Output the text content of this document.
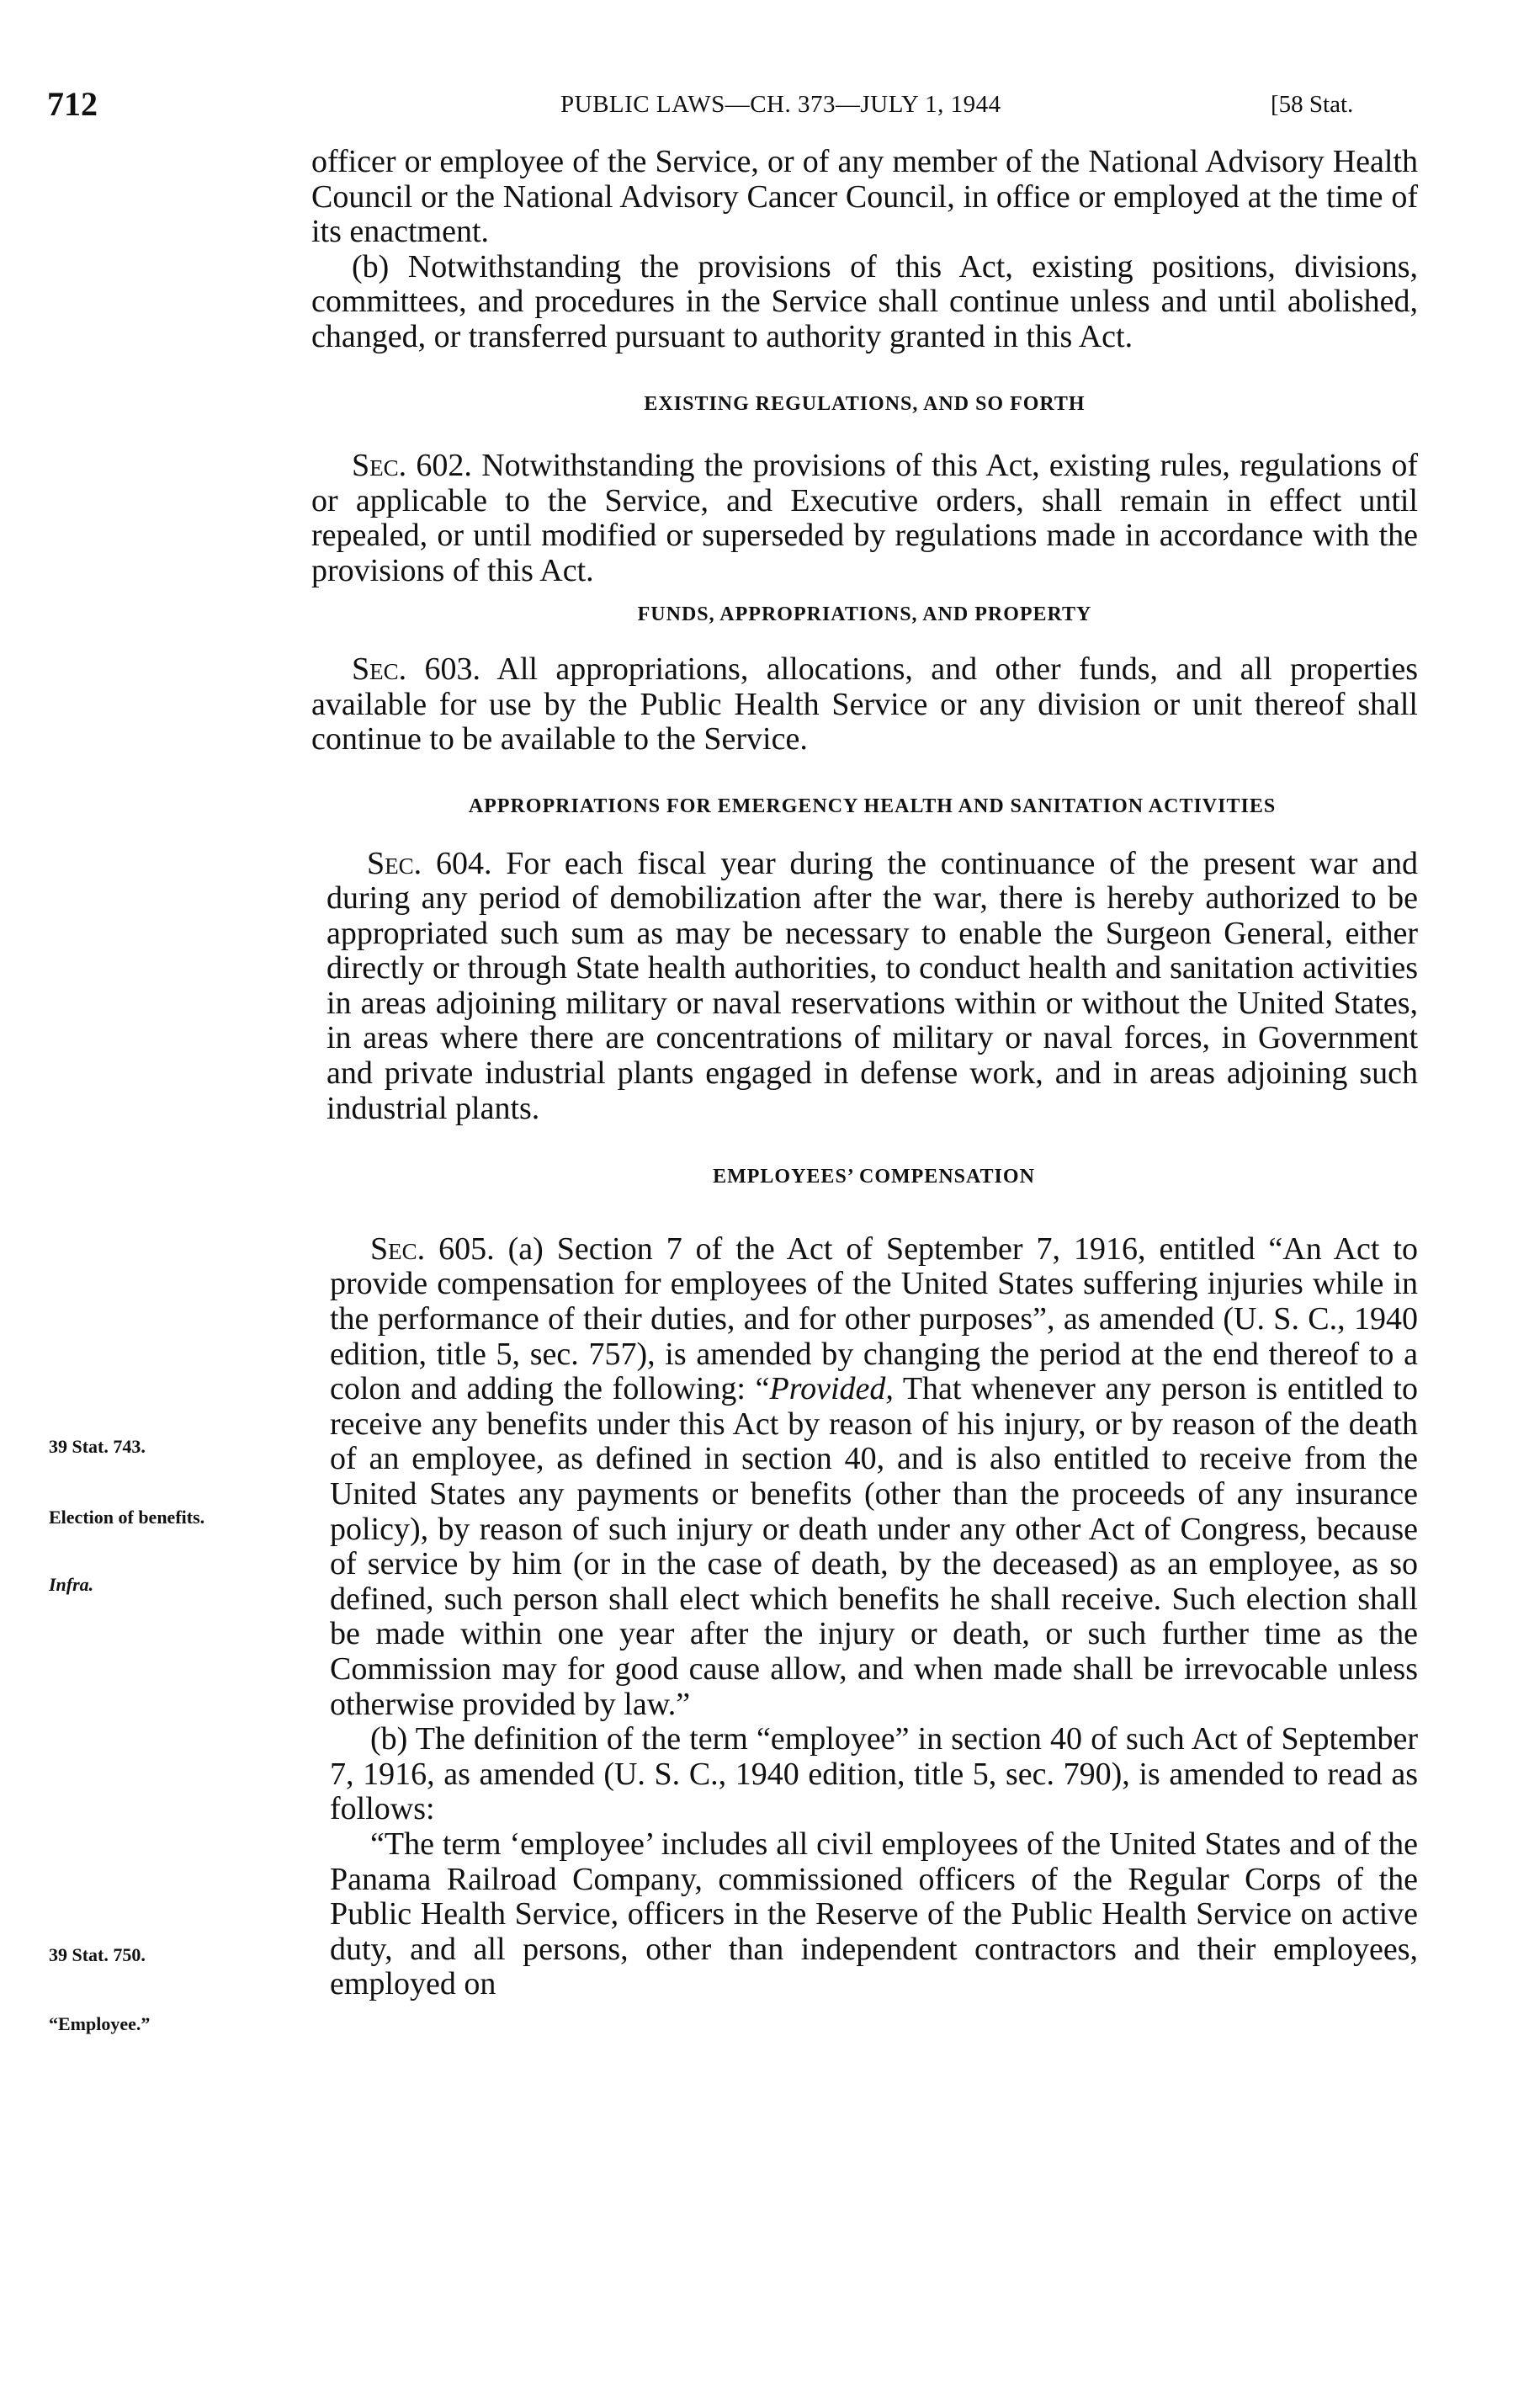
712	PUBLIC LAWS—CH. 373—JULY 1, 1944	[58 Stat.
39 Stat. 743.
Election of benefits.
Infra.
39 Stat. 750.
“Employee.”

officer or employee of the Service, or of any member of the National Advisory Health Council or the National Advisory Cancer Council, in office or employed at the time of its enactment.

(b) Notwithstanding the provisions of this Act, existing positions, divisions, committees, and procedures in the Service shall continue unless and until abolished, changed, or transferred pursuant to authority granted in this Act.

EXISTING REGULATIONS, AND SO FORTH

Sec. 602. Notwithstanding the provisions of this Act, existing rules, regulations of or applicable to the Service, and Executive orders, shall remain in effect until repealed, or until modified or superseded by regulations made in accordance with the provisions of this Act.

FUNDS, APPROPRIATIONS, AND PROPERTY

Sec. 603. All appropriations, allocations, and other funds, and all properties available for use by the Public Health Service or any division or unit thereof shall continue to be available to the Service.

APPROPRIATIONS FOR EMERGENCY HEALTH AND SANITATION ACTIVITIES

Sec. 604. For each fiscal year during the continuance of the present war and during any period of demobilization after the war, there is hereby authorized to be appropriated such sum as may be necessary to enable the Surgeon General, either directly or through State health authorities, to conduct health and sanitation activities in areas adjoining military or naval reservations within or without the United States, in areas where there are concentrations of military or naval forces, in Government and private industrial plants engaged in defense work, and in areas adjoining such industrial plants.

EMPLOYEES’ COMPENSATION

Sec. 605. (a) Section 7 of the Act of September 7, 1916, entitled “An Act to provide compensation for employees of the United States suffering injuries while in the performance of their duties, and for other purposes”, as amended (U. S. C., 1940 edition, title 5, sec. 757), is amended by changing the period at the end thereof to a colon and adding the following: “Provided, That whenever any person is entitled to receive any benefits under this Act by reason of his injury, or by reason of the death of an employee, as defined in section 40, and is also entitled to receive from the United States any payments or benefits (other than the proceeds of any insurance policy), by reason of such injury or death under any other Act of Congress, because of service by him (or in the case of death, by the deceased) as an employee, as so defined, such person shall elect which benefits he shall receive. Such election shall be made within one year after the injury or death, or such further time as the Commission may for good cause allow, and when made shall be irrevocable unless otherwise provided by law.”

(b) The definition of the term “employee” in section 40 of such Act of September 7, 1916, as amended (U. S. C., 1940 edition, title 5, sec. 790), is amended to read as follows:

“The term ‘employee’ includes all civil employees of the United States and of the Panama Railroad Company, commissioned officers of the Regular Corps of the Public Health Service, officers in the Reserve of the Public Health Service on active duty, and all persons, other than independent contractors and their employees, employed on
